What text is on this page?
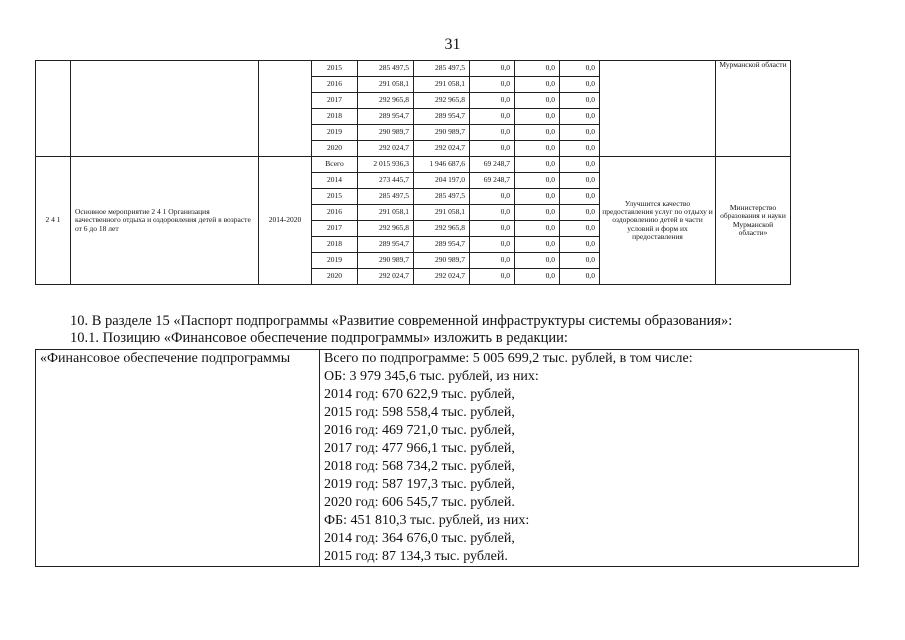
31
			2015	285 497,5	285 497,5	0,0	0,0	0,0		Мурманской области
			2016	291 058,1	291 058,1	0,0	0,0	0,0		
			2017	292 965,8	292 965,8	0,0	0,0	0,0		
			2018	289 954,7	289 954,7	0,0	0,0	0,0		
			2019	290 989,7	290 989,7	0,0	0,0	0,0		
			2020	292 024,7	292 024,7	0,0	0,0	0,0		
2 4 1	Основное мероприятие 2 4 1 Организация качественного отдыха и оздоровления детей в возрасте от 6 до 18 лет	2014-2020	Всего	2 015 936,3	1 946 687,6	69 248,7	0,0	0,0	Улучшится качество предоставления услуг по отдыху и оздоровлению детей в части условий и форм их предоставления	Министерство образования и науки Мурманской области»
			2014	273 445,7	204 197,0	69 248,7	0,0	0,0		
			2015	285 497,5	285 497,5	0,0	0,0	0,0		
			2016	291 058,1	291 058,1	0,0	0,0	0,0		
			2017	292 965,8	292 965,8	0,0	0,0	0,0		
			2018	289 954,7	289 954,7	0,0	0,0	0,0		
			2019	290 989,7	290 989,7	0,0	0,0	0,0		
			2020	292 024,7	292 024,7	0,0	0,0	0,0		
10. В разделе 15 «Паспорт подпрограммы «Развитие современной инфраструктуры системы образования»:
10.1. Позицию «Финансовое обеспечение подпрограммы» изложить в редакции:
«Финансовое обеспечение подпрограммы	Всего по подпрограмме: 5 005 699,2 тыс. рублей, в том числе:
ОБ: 3 979 345,6 тыс. рублей, из них:
2014 год: 670 622,9 тыс. рублей,
2015 год: 598 558,4 тыс. рублей,
2016 год: 469 721,0 тыс. рублей,
2017 год: 477 966,1 тыс. рублей,
2018 год: 568 734,2 тыс. рублей,
2019 год: 587 197,3 тыс. рублей,
2020 год: 606 545,7 тыс. рублей.
ФБ: 451 810,3 тыс. рублей, из них:
2014 год: 364 676,0 тыс. рублей,
2015 год: 87 134,3 тыс. рублей.
